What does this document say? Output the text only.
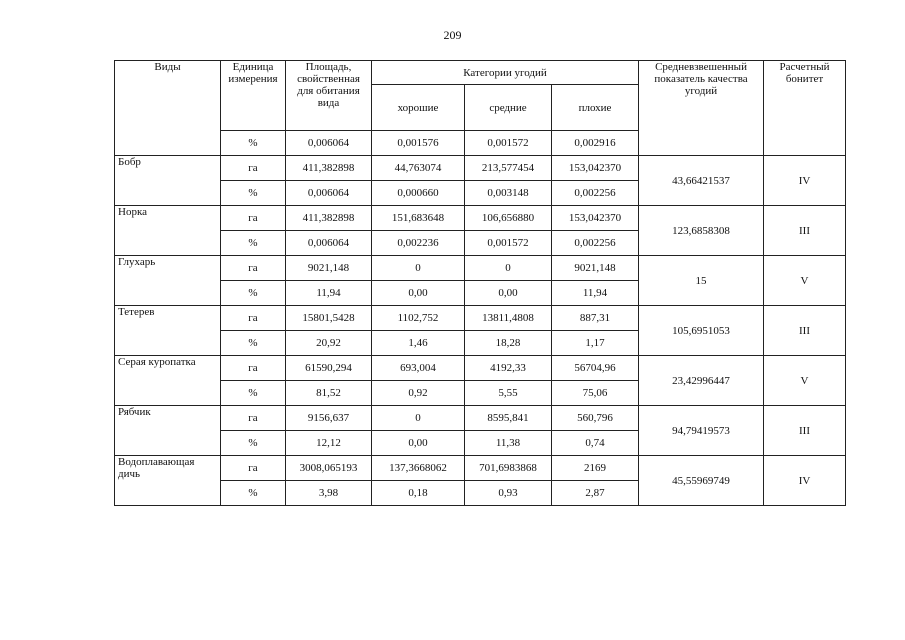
209
Виды	Единица измерения	Площадь, свойственная для обитания вида	Категории угодий			Средневзвешенный показатель качества угодий	Расчетный бонитет
			хорошие	средние	плохие		
	%	0,006064	0,001576	0,001572	0,002916		
Бобр	га	411,382898	44,763074	213,577454	153,042370	43,66421537	IV
	%	0,006064	0,000660	0,003148	0,002256		
Норка	га	411,382898	151,683648	106,656880	153,042370	123,6858308	III
	%	0,006064	0,002236	0,001572	0,002256		
Глухарь	га	9021,148	0	0	9021,148	15	V
	%	11,94	0,00	0,00	11,94		
Тетерев	га	15801,5428	1102,752	13811,4808	887,31	105,6951053	III
	%	20,92	1,46	18,28	1,17		
Серая куропатка	га	61590,294	693,004	4192,33	56704,96	23,42996447	V
	%	81,52	0,92	5,55	75,06		
Рябчик	га	9156,637	0	8595,841	560,796	94,79419573	III
	%	12,12	0,00	11,38	0,74		
Водоплавающая дичь	га	3008,065193	137,3668062	701,6983868	2169	45,55969749	IV
	%	3,98	0,18	0,93	2,87		
